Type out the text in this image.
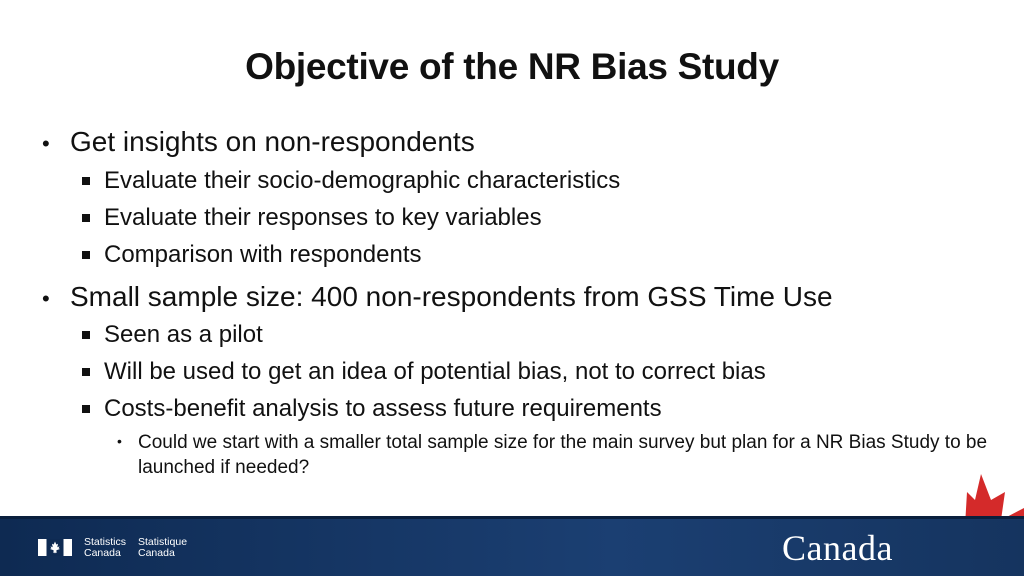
Objective of the NR Bias Study
• Get insights on non-respondents
Evaluate their socio-demographic characteristics
Evaluate their responses to key variables
Comparison with respondents
• Small sample size: 400 non-respondents from GSS Time Use
Seen as a pilot
Will be used to get an idea of potential bias, not to correct bias
Costs-benefit analysis to assess future requirements
• Could we start with a smaller total sample size for the main survey but plan for a NR Bias Study to be launched if needed?
Statistics
Canada
Statistique
Canada	Canada
